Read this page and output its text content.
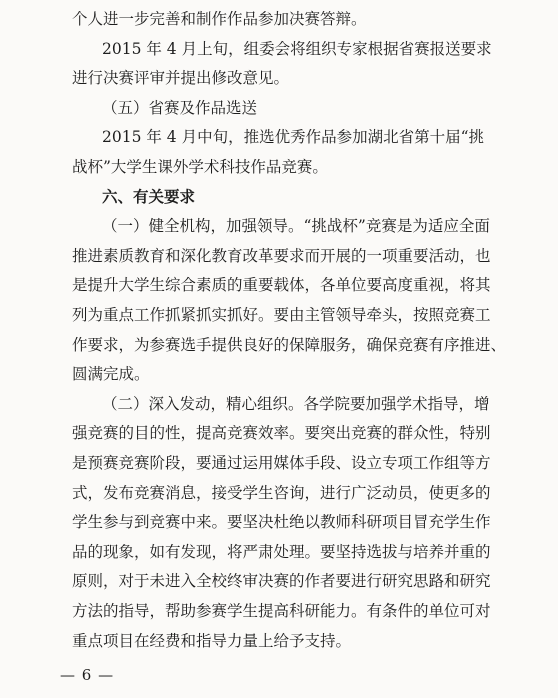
个人进一步完善和制作作品参加决赛答辩。
2015 年 4 月上旬，组委会将组织专家根据省赛报送要求
进行决赛评审并提出修改意见。
（五）省赛及作品选送
2015 年 4 月中旬，推选优秀作品参加湖北省第十届“挑
战杯”大学生课外学术科技作品竞赛。
六、有关要求
（一）健全机构，加强领导。“挑战杯”竞赛是为适应全面
推进素质教育和深化教育改革要求而开展的一项重要活动，也
是提升大学生综合素质的重要载体，各单位要高度重视，将其
列为重点工作抓紧抓实抓好。要由主管领导牵头，按照竞赛工
作要求，为参赛选手提供良好的保障服务，确保竞赛有序推进、
圆满完成。
（二）深入发动，精心组织。各学院要加强学术指导，增
强竞赛的目的性，提高竞赛效率。要突出竞赛的群众性，特别
是预赛竞赛阶段，要通过运用媒体手段、设立专项工作组等方
式，发布竞赛消息，接受学生咨询，进行广泛动员，使更多的
学生参与到竞赛中来。要坚决杜绝以教师科研项目冒充学生作
品的现象，如有发现，将严肃处理。要坚持选拔与培养并重的
原则，对于未进入全校终审决赛的作者要进行研究思路和研究
— 6 —
方法的指导，帮助参赛学生提高科研能力。有条件的单位可对
重点项目在经费和指导力量上给予支持。
